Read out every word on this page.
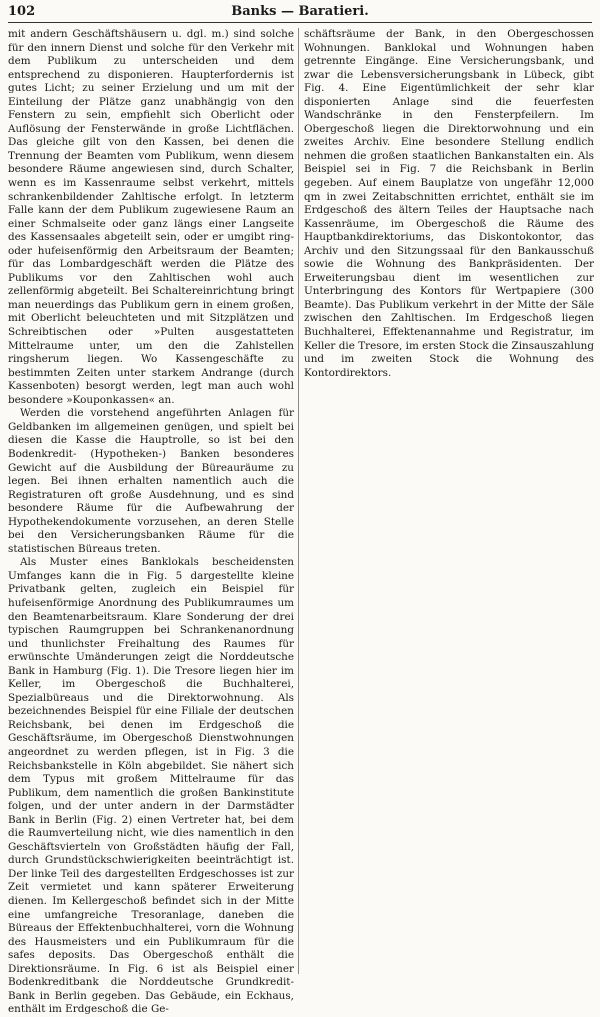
102	Banks — Baratieri.

mit andern Geschäftshäusern u. dgl. m.) sind solche für den innern Dienst und solche für den Verkehr mit dem Publikum zu unterscheiden und dem entsprechend zu disponieren. Haupterfordernis ist gutes Licht; zu seiner Erzielung und um mit der Einteilung der Plätze ganz unabhängig von den Fenstern zu sein, empfiehlt sich Oberlicht oder Auflösung der Fensterwände in große Lichtflächen. Das gleiche gilt von den Kassen, bei denen die Trennung der Beamten vom Publikum, wenn diesem besondere Räume angewiesen sind, durch Schalter, wenn es im Kassenraume selbst verkehrt, mittels schrankenbildender Zahltische erfolgt. In letzterm Falle kann der dem Publikum zugewiesene Raum an einer Schmalseite oder ganz längs einer Langseite des Kassensaales abgeteilt sein, oder er umgibt ring- oder hufeisenförmig den Arbeitsraum der Beamten; für das Lombardgeschäft werden die Plätze des Publikums vor den Zahltischen wohl auch zellenförmig abgeteilt. Bei Schaltereinrichtung bringt man neuerdings das Publikum gern in einem großen, mit Oberlicht beleuchteten und mit Sitzplätzen und Schreibtischen oder »Pulten ausgestatteten Mittelraume unter, um den die Zahlstellen ringsherum liegen. Wo Kassengeschäfte zu bestimmten Zeiten unter starkem Andrange (durch Kassenboten) besorgt werden, legt man auch wohl besondere »Kouponkassen« an.

Werden die vorstehend angeführten Anlagen für Geldbanken im allgemeinen genügen, und spielt bei diesen die Kasse die Hauptrolle, so ist bei den Bodenkredit- (Hypotheken-) Banken besonderes Gewicht auf die Ausbildung der Büreauräume zu legen. Bei ihnen erhalten namentlich auch die Registraturen oft große Ausdehnung, und es sind besondere Räume für die Aufbewahrung der Hypothekendokumente vorzusehen, an deren Stelle bei den Versicherungsbanken Räume für die statistischen Büreaus treten.

Als Muster eines Banklokals bescheidensten Umfanges kann die in Fig. 5 dargestellte kleine Privatbank gelten, zugleich ein Beispiel für hufeisenförmige Anordnung des Publikumraumes um den Beamtenarbeitsraum. Klare Sonderung der drei typischen Raumgruppen bei Schrankenanordnung und thunlichster Freihaltung des Raumes für erwünschte Umänderungen zeigt die Norddeutsche Bank in Hamburg (Fig. 1). Die Tresore liegen hier im Keller, im Obergeschoß die Buchhalterei, Spezialbüreaus und die Direktorwohnung. Als bezeichnendes Beispiel für eine Filiale der deutschen Reichsbank, bei denen im Erdgeschoß die Geschäftsräume, im Obergeschoß Dienstwohnungen angeordnet zu werden pflegen, ist in Fig. 3 die Reichsbankstelle in Köln abgebildet. Sie nähert sich dem Typus mit großem Mittelraume für das Publikum, dem namentlich die großen Bankinstitute folgen, und der unter andern in der Darmstädter Bank in Berlin (Fig. 2) einen Vertreter hat, bei dem die Raumverteilung nicht, wie dies namentlich in den Geschäftsvierteln von Großstädten häufig der Fall, durch Grundstückschwierigkeiten beeinträchtigt ist. Der linke Teil des dargestellten Erdgeschosses ist zur Zeit vermietet und kann späterer Erweiterung dienen. Im Kellergeschoß befindet sich in der Mitte eine umfangreiche Tresoranlage, daneben die Büreaus der Effektenbuchhalterei, vorn die Wohnung des Hausmeisters und ein Publikumraum für die safes deposits. Das Obergeschoß enthält die Direktionsräume. In Fig. 6 ist als Beispiel einer Bodenkreditbank die Norddeutsche Grundkredit-Bank in Berlin gegeben. Das Gebäude, ein Eckhaus, enthält im Erdgeschoß die Ge-

schäftsräume der Bank, in den Obergeschossen Wohnungen. Banklokal und Wohnungen haben getrennte Eingänge. Eine Versicherungsbank, und zwar die Lebensversicherungsbank in Lübeck, gibt Fig. 4. Eine Eigentümlichkeit der sehr klar disponierten Anlage sind die feuerfesten Wandschränke in den Fensterpfeilern. Im Obergeschoß liegen die Direktorwohnung und ein zweites Archiv. Eine besondere Stellung endlich nehmen die großen staatlichen Bankanstalten ein. Als Beispiel sei in Fig. 7 die Reichsbank in Berlin gegeben. Auf einem Bauplatze von ungefähr 12,000 qm in zwei Zeitabschnitten errichtet, enthält sie im Erdgeschoß des ältern Teiles der Hauptsache nach Kassenräume, im Obergeschoß die Räume des Hauptbankdirektoriums, das Diskontokontor, das Archiv und den Sitzungssaal für den Bankausschuß sowie die Wohnung des Bankpräsidenten. Der Erweiterungsbau dient im wesentlichen zur Unterbringung des Kontors für Wertpapiere (300 Beamte). Das Publikum verkehrt in der Mitte der Säle zwischen den Zahltischen. Im Erdgeschoß liegen Buchhalterei, Effektenannahme und Registratur, im Keller die Tresore, im ersten Stock die Zinsauszahlung und im zweiten Stock die Wohnung des Kontordirektors.
